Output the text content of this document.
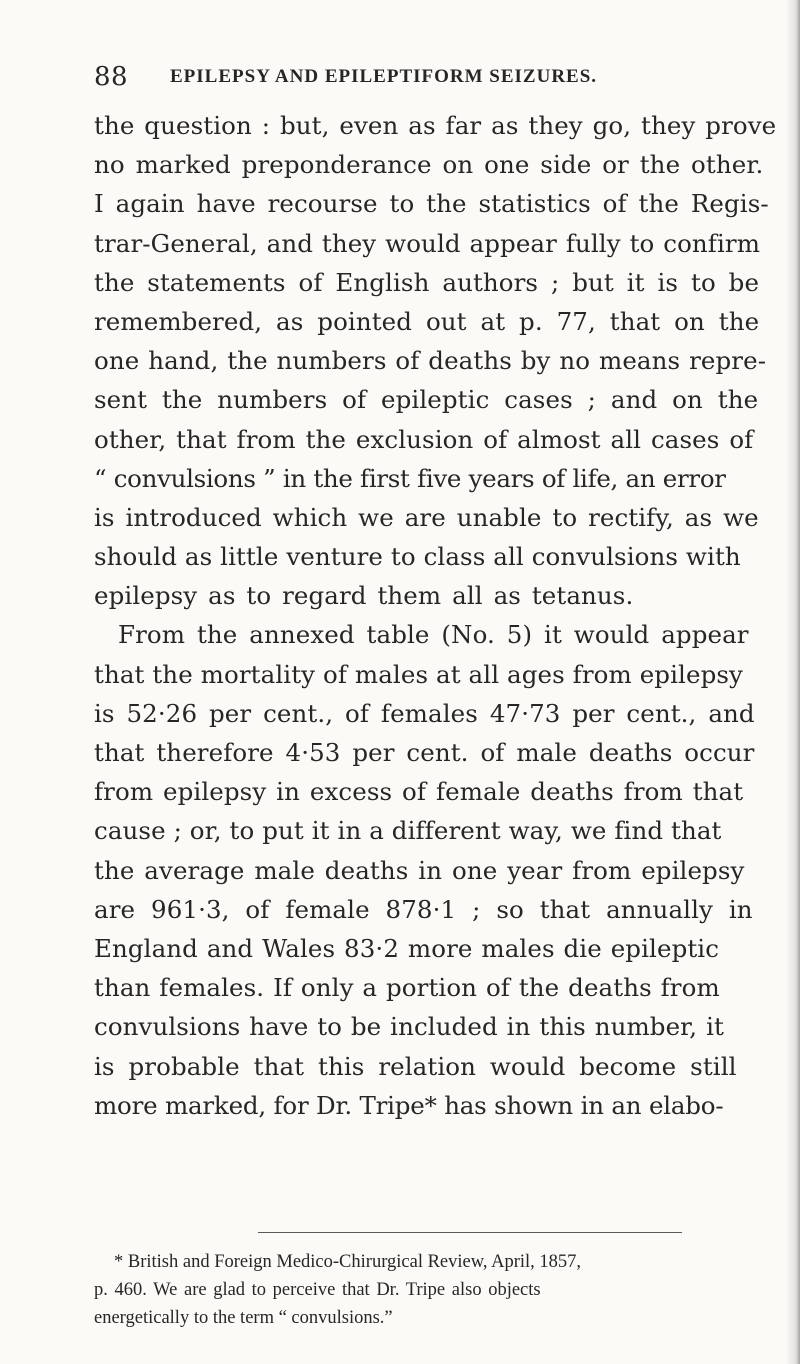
88 EPILEPSY AND EPILEPTIFORM SEIZURES.
the question : but, even as far as they go, they prove
no marked preponderance on one side or the other.
I again have recourse to the statistics of the Regis-
trar-General, and they would appear fully to confirm
the statements of English authors ; but it is to be
remembered, as pointed out at p. 77, that on the
one hand, the numbers of deaths by no means repre-
sent the numbers of epileptic cases ; and on the
other, that from the exclusion of almost all cases of
“ convulsions ” in the first five years of life, an error
is introduced which we are unable to rectify, as we
should as little venture to class all convulsions with
epilepsy as to regard them all as tetanus.
From the annexed table (No. 5) it would appear
that the mortality of males at all ages from epilepsy
is 52·26 per cent., of females 47·73 per cent., and
that therefore 4·53 per cent. of male deaths occur
from epilepsy in excess of female deaths from that
cause ; or, to put it in a different way, we find that
the average male deaths in one year from epilepsy
are 961·3, of female 878·1 ; so that annually in
England and Wales 83·2 more males die epileptic
than females. If only a portion of the deaths from
convulsions have to be included in this number, it
is probable that this relation would become still
more marked, for Dr. Tripe* has shown in an elabo-
* British and Foreign Medico-Chirurgical Review, April, 1857,
p. 460. We are glad to perceive that Dr. Tripe also objects
energetically to the term “ convulsions.”
